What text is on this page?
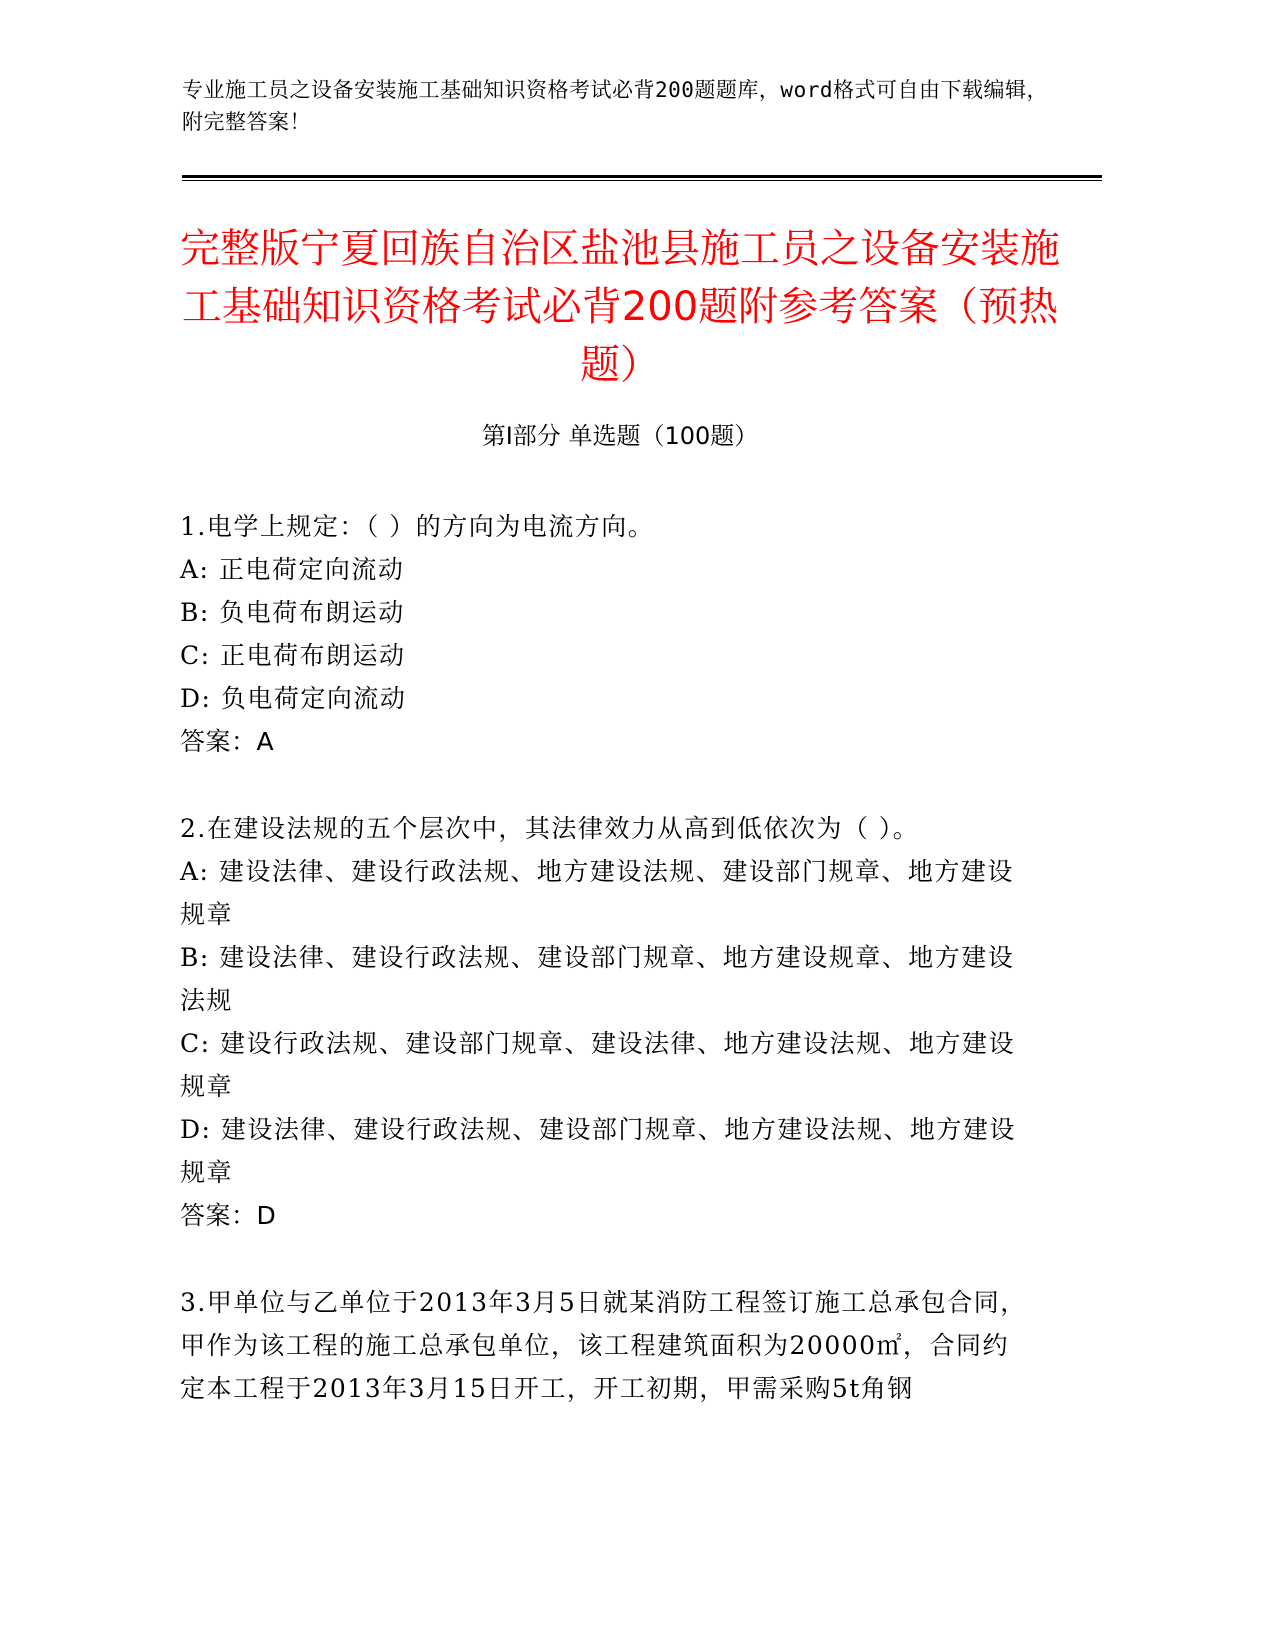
专业施工员之设备安装施工基础知识资格考试必背200题题库，word格式可自由下载编辑，附完整答案！
完整版宁夏回族自治区盐池县施工员之设备安装施工基础知识资格考试必背200题附参考答案（预热题）
第Ⅰ部分 单选题（100题）

1.电学上规定：（ ）的方向为电流方向。

A: 正电荷定向流动

B: 负电荷布朗运动

C: 正电荷布朗运动

D: 负电荷定向流动

答案：A

2.在建设法规的五个层次中，其法律效力从高到低依次为（ ）。

A: 建设法律、建设行政法规、地方建设法规、建设部门规章、地方建设规章

B: 建设法律、建设行政法规、建设部门规章、地方建设规章、地方建设法规

C: 建设行政法规、建设部门规章、建设法律、地方建设法规、地方建设规章

D: 建设法律、建设行政法规、建设部门规章、地方建设法规、地方建设规章

答案：D

3.甲单位与乙单位于2013年3月5日就某消防工程签订施工总承包合同，甲作为该工程的施工总承包单位，该工程建筑面积为20000㎡，合同约定本工程于2013年3月15日开工，开工初期，甲需采购5t角钢
